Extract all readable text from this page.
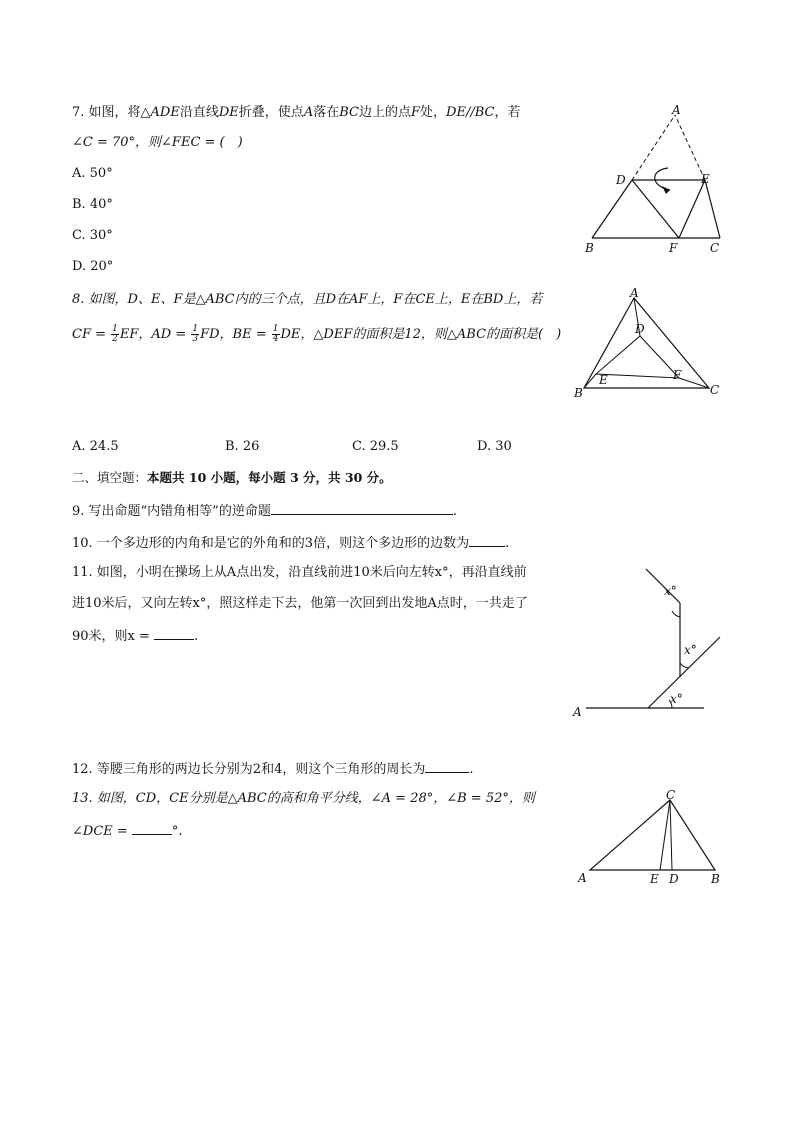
7. 如图，将△ADE沿直线DE折叠，使点A落在BC边上的点F处，DE//BC，若
∠C = 70°，则∠FEC = (　)
A. 50°
B. 40°
C. 30°
D. 20°
A
D	E
B	F	C
8. 如图，D、E、F是△ABC内的三个点，且D在AF上，F在CE上，E在BD上，若
CF = $\frac{1}{2}$ EF，AD = $\frac{1}{3}$ FD，BE = $\frac{1}{4}$ DE，△DEF的面积是12，则△ABC的面积是(　)
A
D
E	F
B	C
A. 24.5	B. 26	C. 29.5	D. 30
二、填空题：本题共 10 小题，每小题 3 分，共 30 分。
9. 写出命题“内错角相等”的逆命题	.
10. 一个多边形的内角和是它的外角和的3倍，则这个多边形的边数为	.
11. 如图，小明在操场上从A点出发，沿直线前进10米后向左转x°，再沿直线前
进10米后，又向左转x°，照这样走下去，他第一次回到出发地A点时，一共走了
90米，则x =	.
x°
x°
x°
A
12. 等腰三角形的两边长分别为2和4，则这个三角形的周长为	.
13. 如图，CD，CE分别是△ABC的高和角平分线，∠A = 28°，∠B = 52°，则
∠DCE =	°.
C
A	E D	B
